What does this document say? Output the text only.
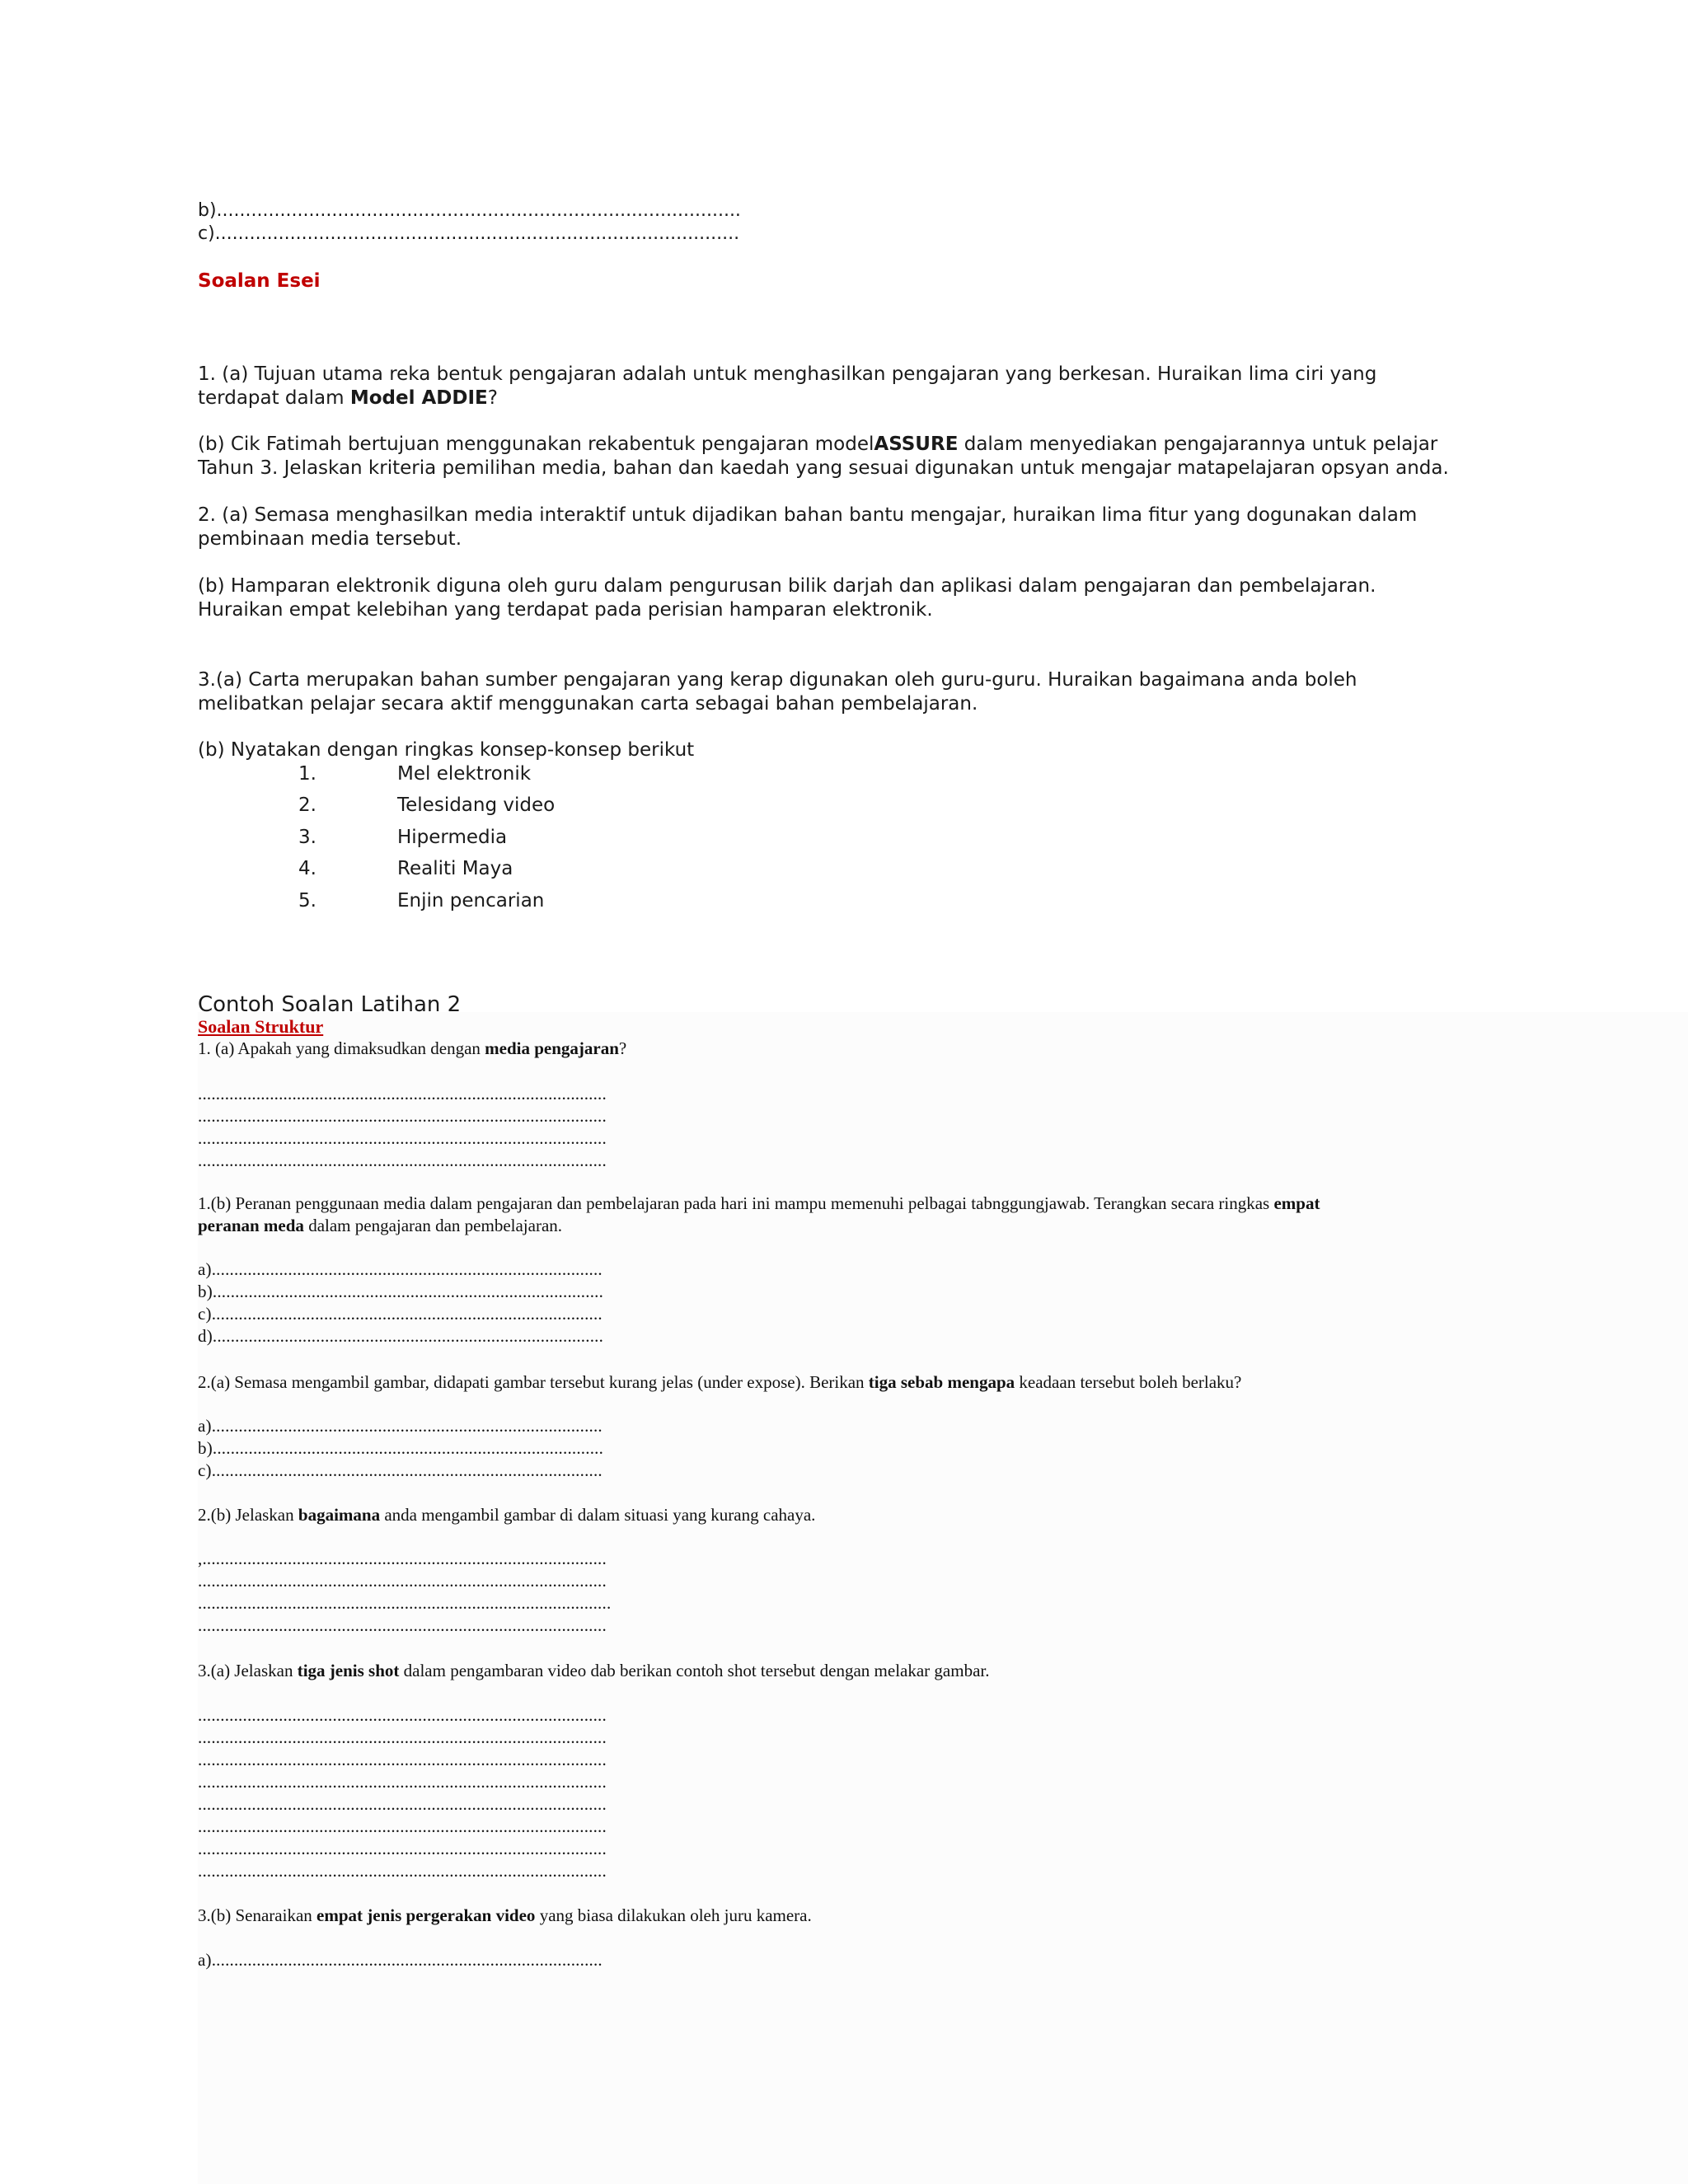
b)...........................................................................................
c)...........................................................................................
Soalan Esei
1. (a) Tujuan utama reka bentuk pengajaran adalah untuk menghasilkan pengajaran yang berkesan. Huraikan lima ciri yang
terdapat dalam Model ADDIE?
(b) Cik Fatimah bertujuan menggunakan rekabentuk pengajaran modelASSURE dalam menyediakan pengajarannya untuk pelajar
Tahun 3. Jelaskan kriteria pemilihan media, bahan dan kaedah yang sesuai digunakan untuk mengajar matapelajaran opsyan anda.
2. (a) Semasa menghasilkan media interaktif untuk dijadikan bahan bantu mengajar, huraikan lima fitur yang dogunakan dalam
pembinaan media tersebut.
(b) Hamparan elektronik diguna oleh guru dalam pengurusan bilik darjah dan aplikasi dalam pengajaran dan pembelajaran.
Huraikan empat kelebihan yang terdapat pada perisian hamparan elektronik.
3.(a) Carta merupakan bahan sumber pengajaran yang kerap digunakan oleh guru-guru. Huraikan bagaimana anda boleh
melibatkan pelajar secara aktif menggunakan carta sebagai bahan pembelajaran.
(b) Nyatakan dengan ringkas konsep-konsep berikut
1.	Mel elektronik
2.	Telesidang video
3.	Hipermedia
4.	Realiti Maya
5.	Enjin pencarian
Contoh Soalan Latihan 2
Soalan Struktur
1. (a) Apakah yang dimaksudkan dengan media pengajaran?
...........................................................................................
...........................................................................................
...........................................................................................
...........................................................................................
1.(b) Peranan penggunaan media dalam pengajaran dan pembelajaran pada hari ini mampu memenuhi pelbagai tabnggungjawab. Terangkan secara ringkas empat
peranan meda dalam pengajaran dan pembelajaran.
a).......................................................................................
b).......................................................................................
c).......................................................................................
d).......................................................................................
2.(a) Semasa mengambil gambar, didapati gambar tersebut kurang jelas (under expose). Berikan tiga sebab mengapa keadaan tersebut boleh berlaku?
a).......................................................................................
b).......................................................................................
c).......................................................................................
2.(b) Jelaskan bagaimana anda mengambil gambar di dalam situasi yang kurang cahaya.
,..........................................................................................
...........................................................................................
............................................................................................
...........................................................................................
3.(a) Jelaskan tiga jenis shot dalam pengambaran video dab berikan contoh shot tersebut dengan melakar gambar.
...........................................................................................
...........................................................................................
...........................................................................................
...........................................................................................
...........................................................................................
...........................................................................................
...........................................................................................
...........................................................................................
3.(b) Senaraikan empat jenis pergerakan video yang biasa dilakukan oleh juru kamera.
a).......................................................................................
